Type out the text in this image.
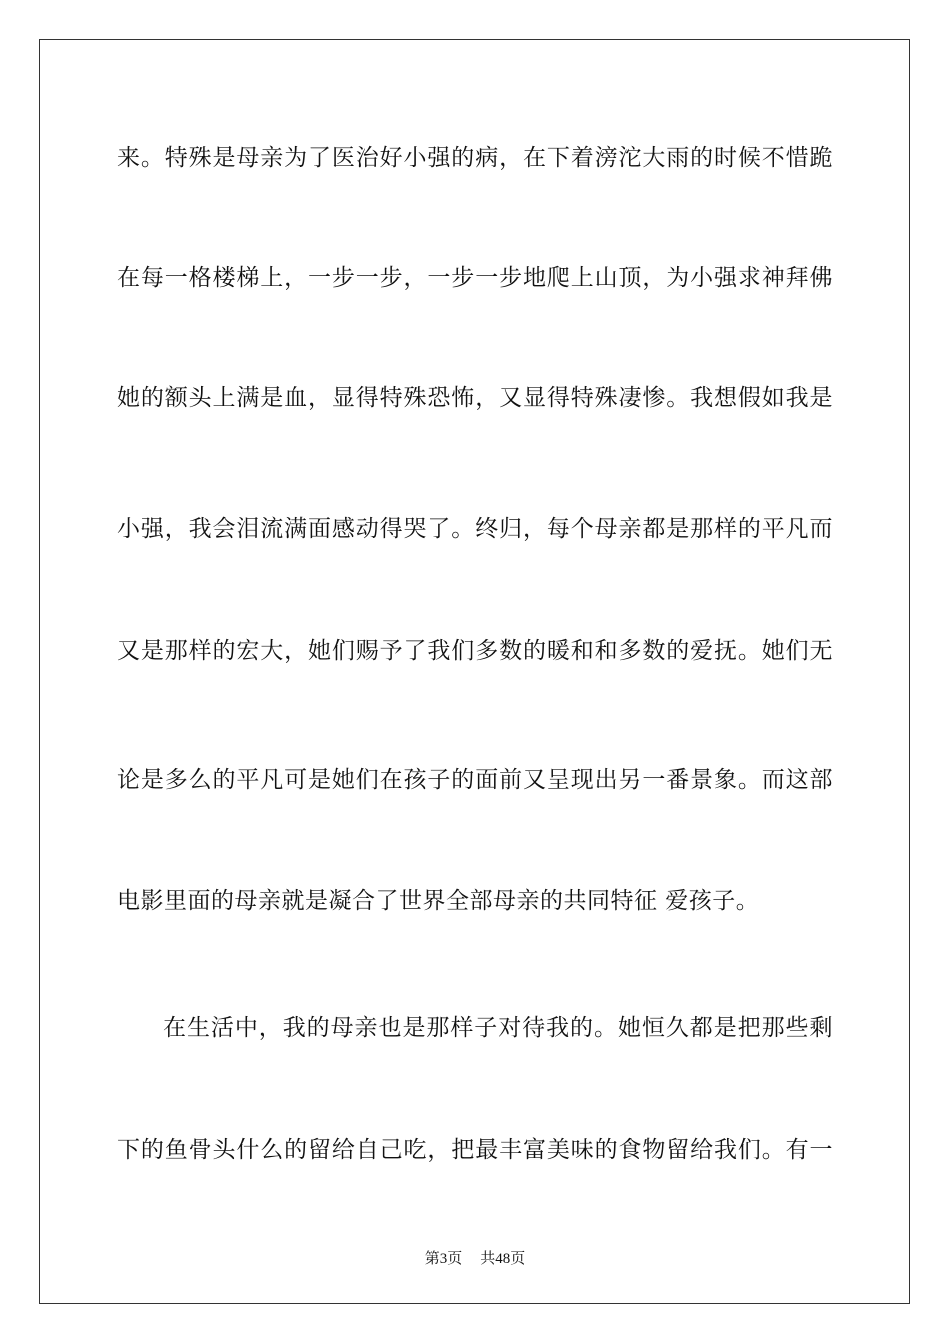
来。特殊是母亲为了医治好小强的病，在下着滂沱大雨的时候不惜跪
在每一格楼梯上，一步一步，一步一步地爬上山顶，为小强求神拜佛
她的额头上满是血，显得特殊恐怖，又显得特殊凄惨。我想假如我是
小强，我会泪流满面感动得哭了。终归，每个母亲都是那样的平凡而
又是那样的宏大，她们赐予了我们多数的暖和和多数的爱抚。她们无
论是多么的平凡可是她们在孩子的面前又呈现出另一番景象。而这部
电影里面的母亲就是凝合了世界全部母亲的共同特征 爱孩子。
在生活中，我的母亲也是那样子对待我的。她恒久都是把那些剩
下的鱼骨头什么的留给自己吃，把最丰富美味的食物留给我们。有一
第3页 共48页
